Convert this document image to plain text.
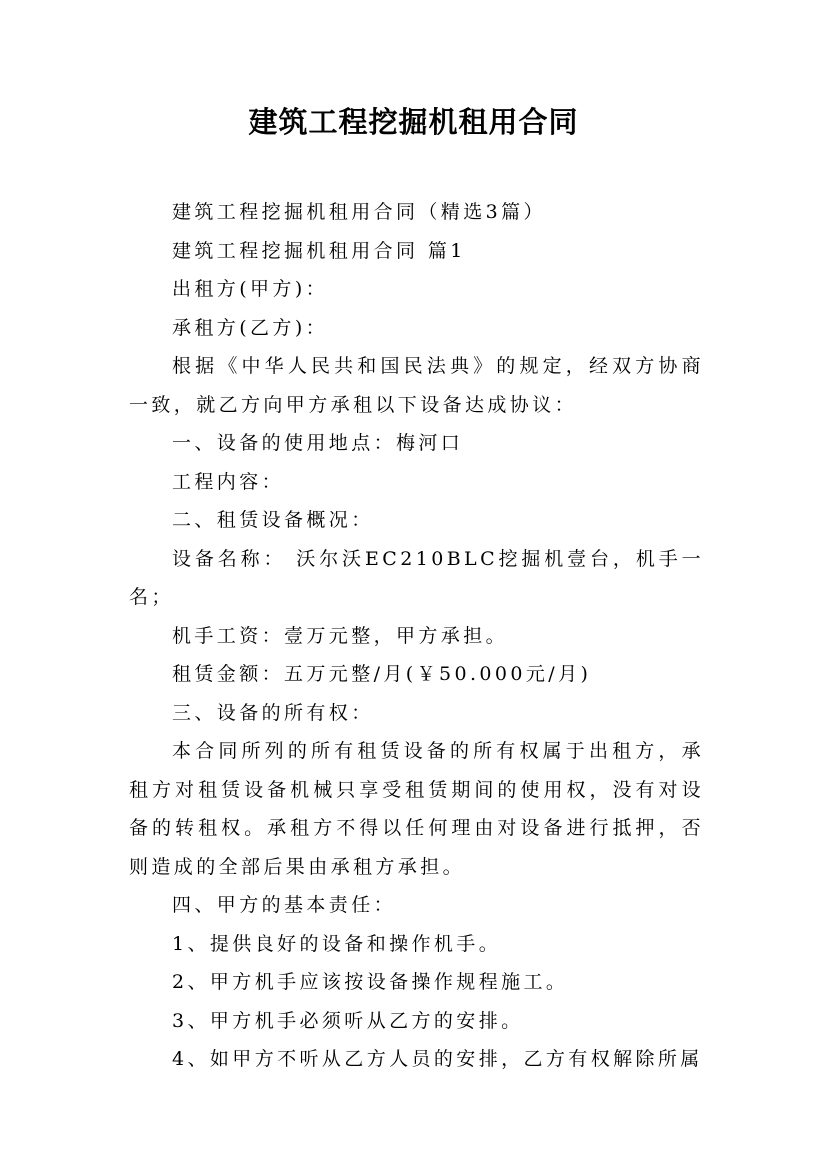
建筑工程挖掘机租用合同

建筑工程挖掘机租用合同（精选3篇）

建筑工程挖掘机租用合同 篇1

出租方(甲方)：

承租方(乙方)：

根据《中华人民共和国民法典》的规定，经双方协商一致，就乙方向甲方承租以下设备达成协议：

一、设备的使用地点：梅河口

工程内容：

二、租赁设备概况：

设备名称： 沃尔沃EC210BLC挖掘机壹台，机手一名；

机手工资：壹万元整，甲方承担。

租赁金额：五万元整/月(￥50.000元/月)

三、设备的所有权：

本合同所列的所有租赁设备的所有权属于出租方，承租方对租赁设备机械只享受租赁期间的使用权，没有对设备的转租权。承租方不得以任何理由对设备进行抵押，否则造成的全部后果由承租方承担。

四、甲方的基本责任：

1、提供良好的设备和操作机手。

2、甲方机手应该按设备操作规程施工。

3、甲方机手必须听从乙方的安排。

4、如甲方不听从乙方人员的安排，乙方有权解除所属
